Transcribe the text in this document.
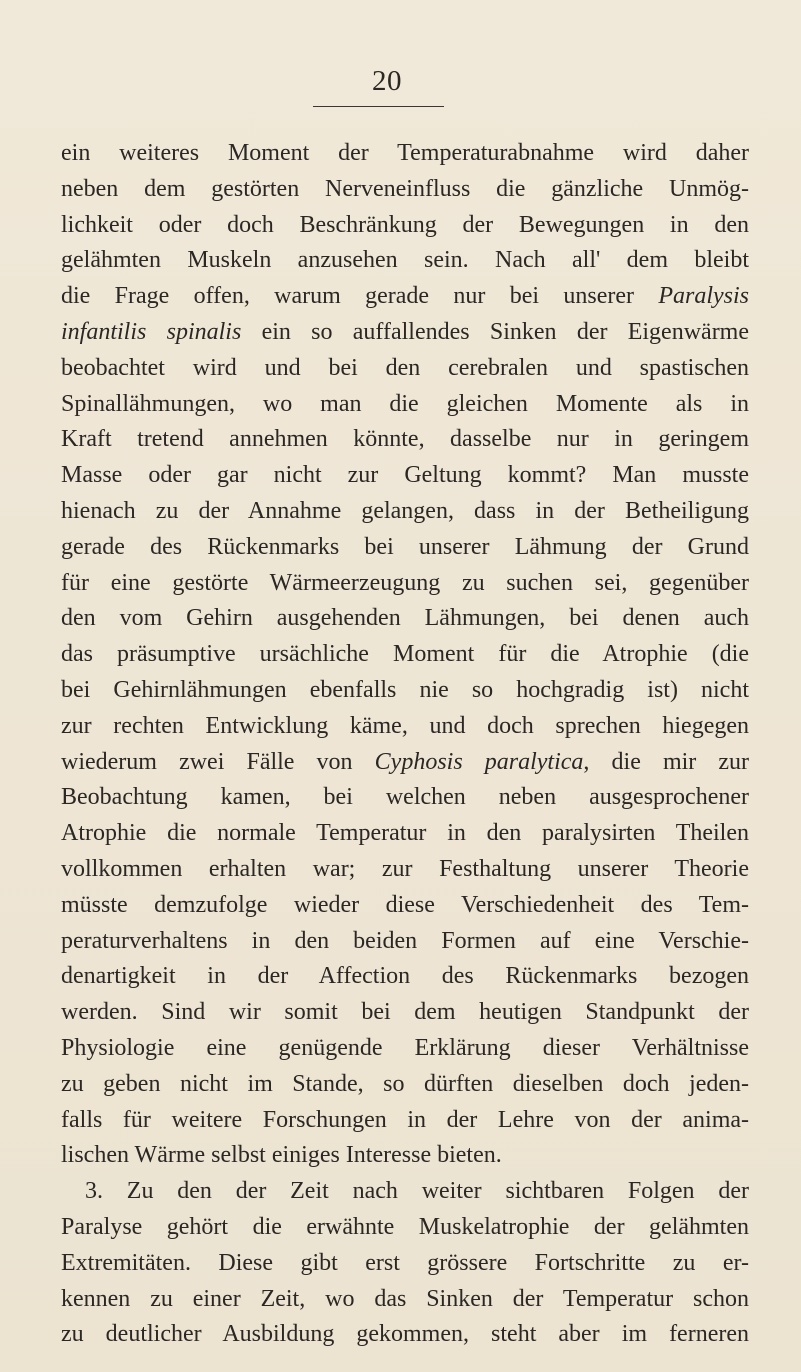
20
ein weiteres Moment der Temperaturabnahme wird daher
neben dem gestörten Nerveneinfluss die gänzliche Unmög-
lichkeit oder doch Beschränkung der Bewegungen in den
gelähmten Muskeln anzusehen sein. Nach all' dem bleibt
die Frage offen, warum gerade nur bei unserer Paralysis
infantilis spinalis ein so auffallendes Sinken der Eigenwärme
beobachtet wird und bei den cerebralen und spastischen
Spinallähmungen, wo man die gleichen Momente als in
Kraft tretend annehmen könnte, dasselbe nur in geringem
Masse oder gar nicht zur Geltung kommt? Man musste
hienach zu der Annahme gelangen, dass in der Betheiligung
gerade des Rückenmarks bei unserer Lähmung der Grund
für eine gestörte Wärmeerzeugung zu suchen sei, gegenüber
den vom Gehirn ausgehenden Lähmungen, bei denen auch
das präsumptive ursächliche Moment für die Atrophie (die
bei Gehirnlähmungen ebenfalls nie so hochgradig ist) nicht
zur rechten Entwicklung käme, und doch sprechen hiegegen
wiederum zwei Fälle von Cyphosis paralytica, die mir zur
Beobachtung kamen, bei welchen neben ausgesprochener
Atrophie die normale Temperatur in den paralysirten Theilen
vollkommen erhalten war; zur Festhaltung unserer Theorie
müsste demzufolge wieder diese Verschiedenheit des Tem-
peraturverhaltens in den beiden Formen auf eine Verschie-
denartigkeit in der Affection des Rückenmarks bezogen
werden. Sind wir somit bei dem heutigen Standpunkt der
Physiologie eine genügende Erklärung dieser Verhältnisse
zu geben nicht im Stande, so dürften dieselben doch jeden-
falls für weitere Forschungen in der Lehre von der anima-
lischen Wärme selbst einiges Interesse bieten.
3. Zu den der Zeit nach weiter sichtbaren Folgen der
Paralyse gehört die erwähnte Muskelatrophie der gelähmten
Extremitäten. Diese gibt erst grössere Fortschritte zu er-
kennen zu einer Zeit, wo das Sinken der Temperatur schon
zu deutlicher Ausbildung gekommen, steht aber im ferneren
